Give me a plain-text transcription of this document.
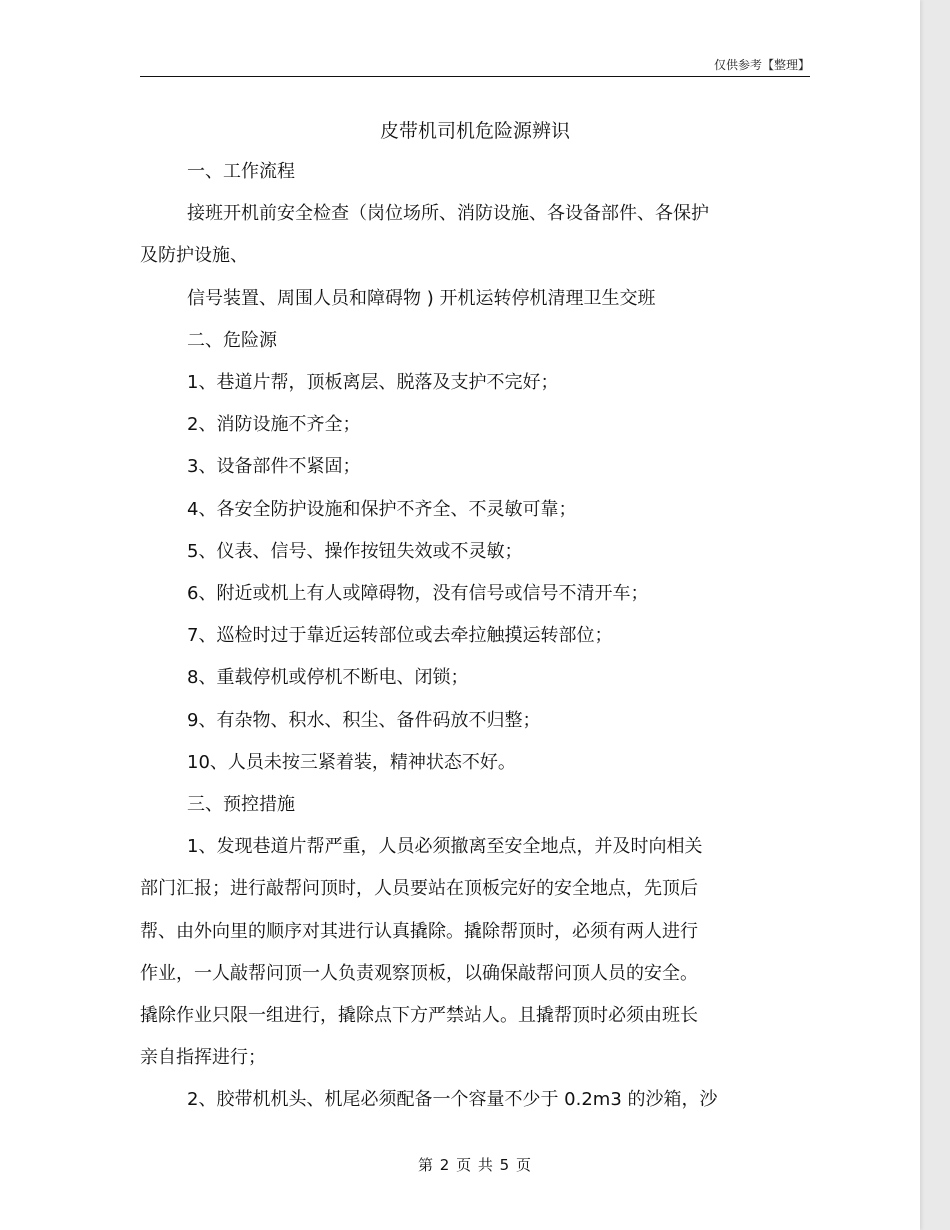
仅供参考【整理】
皮带机司机危险源辨识

一、工作流程

接班开机前安全检查（岗位场所、消防设施、各设备部件、各保护

及防护设施、

信号装置、周围人员和障碍物 ) 开机运转停机清理卫生交班

二、危险源

1、巷道片帮，顶板离层、脱落及支护不完好；

2、消防设施不齐全；

3、设备部件不紧固；

4、各安全防护设施和保护不齐全、不灵敏可靠；

5、仪表、信号、操作按钮失效或不灵敏；

6、附近或机上有人或障碍物，没有信号或信号不清开车；

7、巡检时过于靠近运转部位或去牵拉触摸运转部位；

8、重载停机或停机不断电、闭锁；

9、有杂物、积水、积尘、备件码放不归整；

10、人员未按三紧着装，精神状态不好。

三、预控措施

1、发现巷道片帮严重，人员必须撤离至安全地点，并及时向相关

部门汇报；进行敲帮问顶时，人员要站在顶板完好的安全地点，先顶后

帮、由外向里的顺序对其进行认真撬除。撬除帮顶时，必须有两人进行

作业，一人敲帮问顶一人负责观察顶板，以确保敲帮问顶人员的安全。

撬除作业只限一组进行，撬除点下方严禁站人。且撬帮顶时必须由班长

亲自指挥进行；

2、胶带机机头、机尾必须配备一个容量不少于 0.2m3 的沙箱，沙

第 2 页 共 5 页
